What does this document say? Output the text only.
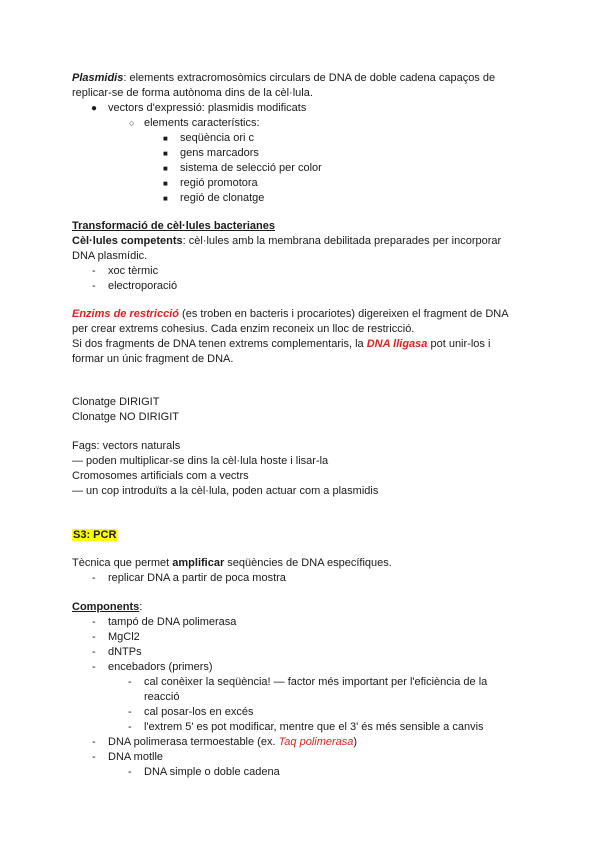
Plasmidis: elements extracromosòmics circulars de DNA de doble cadena capaços de
replicar-se de forma autònoma dins de la cèl·lula.
● vectors d'expressió: plasmidis modificats
○ elements característics:
■ seqüència ori c
■ gens marcadors
■ sistema de selecció per color
■ regió promotora
■ regió de clonatge
Transformació de cèl·lules bacterianes
Cèl·lules competents: cèl·lules amb la membrana debilitada preparades per incorporar
DNA plasmídic.
- xoc tèrmic
- electroporació
Enzims de restricció (es troben en bacteris i procariotes) digereixen el fragment de DNA
per crear extrems cohesius. Cada enzim reconeix un lloc de restricció.
Si dos fragments de DNA tenen extrems complementaris, la DNA lligasa pot unir-los i
formar un únic fragment de DNA.
Clonatge DIRIGIT
Clonatge NO DIRIGIT
Fags: vectors naturals
— poden multiplicar-se dins la cèl·lula hoste i lisar-la
Cromosomes artificials com a vectrs
— un cop introduïts a la cèl·lula, poden actuar com a plasmidis
S3: PCR
Tècnica que permet amplificar seqüències de DNA específiques.
- replicar DNA a partir de poca mostra
Components:
- tampó de DNA polimerasa
- MgCl2
- dNTPs
- encebadors (primers)
- cal conèixer la seqüència! — factor més important per l'eficiència de la
reacció
- cal posar-los en excés
- l'extrem 5' es pot modificar, mentre que el 3' és més sensible a canvis
- DNA polimerasa termoestable (ex. Taq polimerasa)
- DNA motlle
- DNA simple o doble cadena
